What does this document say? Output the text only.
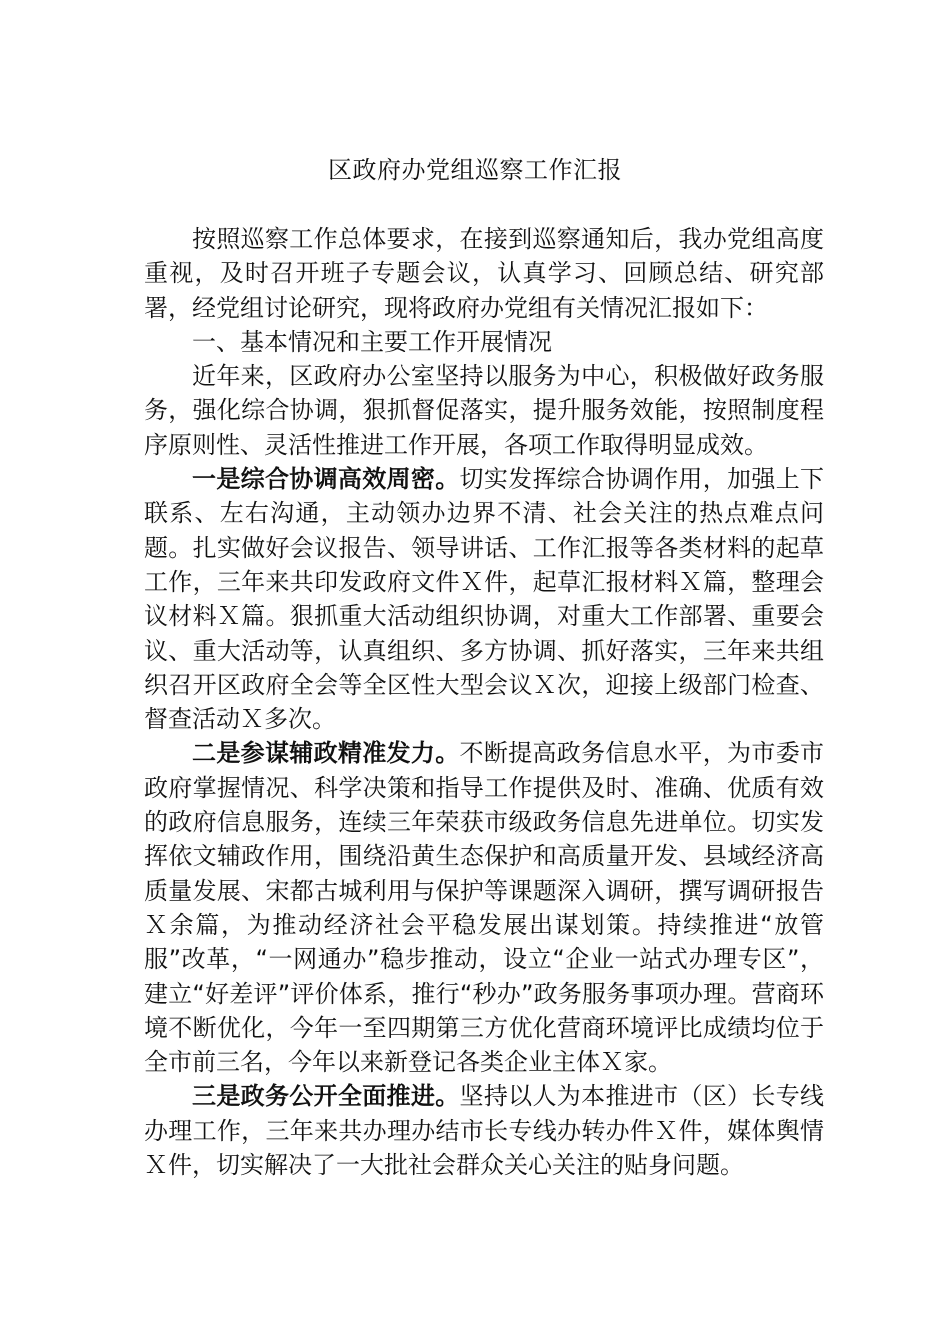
区政府办党组巡察工作汇报

按照巡察工作总体要求，在接到巡察通知后，我办党组高度重视，及时召开班子专题会议，认真学习、回顾总结、研究部署，经党组讨论研究，现将政府办党组有关情况汇报如下：

一、基本情况和主要工作开展情况

近年来，区政府办公室坚持以服务为中心，积极做好政务服务，强化综合协调，狠抓督促落实，提升服务效能，按照制度程序原则性、灵活性推进工作开展，各项工作取得明显成效。

一是综合协调高效周密。切实发挥综合协调作用，加强上下联系、左右沟通，主动领办边界不清、社会关注的热点难点问题。扎实做好会议报告、领导讲话、工作汇报等各类材料的起草工作，三年来共印发政府文件Ｘ件，起草汇报材料Ｘ篇，整理会议材料Ｘ篇。狠抓重大活动组织协调，对重大工作部署、重要会议、重大活动等，认真组织、多方协调、抓好落实，三年来共组织召开区政府全会等全区性大型会议Ｘ次，迎接上级部门检查、督查活动Ｘ多次。

二是参谋辅政精准发力。不断提高政务信息水平，为市委市政府掌握情况、科学决策和指导工作提供及时、准确、优质有效的政府信息服务，连续三年荣获市级政务信息先进单位。切实发挥依文辅政作用，围绕沿黄生态保护和高质量开发、县域经济高质量发展、宋都古城利用与保护等课题深入调研，撰写调研报告Ｘ余篇，为推动经济社会平稳发展出谋划策。持续推进“放管服”改革，“一网通办”稳步推动，设立“企业一站式办理专区”，建立“好差评”评价体系，推行“秒办”政务服务事项办理。营商环境不断优化，今年一至四期第三方优化营商环境评比成绩均位于全市前三名，今年以来新登记各类企业主体Ｘ家。

三是政务公开全面推进。坚持以人为本推进市（区）长专线办理工作，三年来共办理办结市长专线办转办件Ｘ件，媒体舆情Ｘ件，切实解决了一大批社会群众关心关注的贴身问题。
